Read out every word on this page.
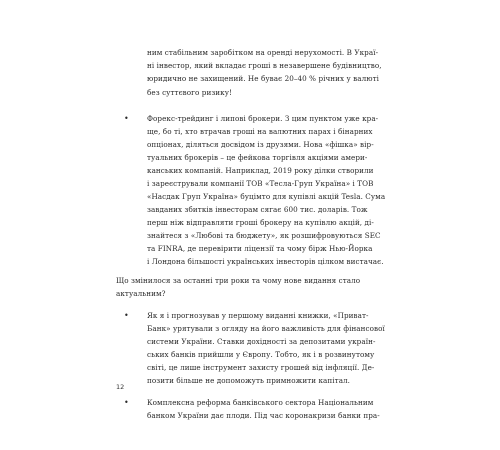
ним стабільним заробітком на оренді нерухомості. В Украї-
ні інвестор, який вкладає гроші в незавершене будівництво,
юридично не захищений. Не буває 20–40 % річних у валюті
без суттєвого ризику!
•	Форекс-трейдинг і липові брокери. З цим пунктом уже кра-
ще, бо ті, хто втрачав гроші на валютних парах і бінарних
опціонах, діляться досвідом із друзями. Нова «фішка» вір-
туальних брокерів – це фейкова торгівля акціями амери-
канських компаній. Наприклад, 2019 року ділки створили
і зареєстрували компанії ТОВ «Тесла-Груп Україна» і ТОВ
«Насдак Груп Україна» буцімто для купівлі акцій Tesla. Сума
завданих збитків інвесторам сягає 600 тис. доларів. Тож
перш ніж відправляти гроші брокеру на купівлю акцій, ді-
знайтеся з «Любові та бюджету», як розшифровуються SEC
та FINRA, де перевірити ліцензії та чому бірж Нью-Йорка
і Лондона більшості українських інвесторів цілком вистачає.
Що змінилося за останні три роки та чому нове видання стало
актуальним?
•	Як я і прогнозував у першому виданні книжки, «Приват-
Банк» урятували з огляду на його важливість для фінансової
системи України. Ставки дохідності за депозитами україн-
ських банків прийшли у Європу. Тобто, як і в розвинутому
світі, це лише інструмент захисту грошей від інфляції. Де-
позити більше не допоможуть примножити капітал.
•	Комплексна реформа банківського сектора Національним
банком України дає плоди. Під час коронакризи банки пра-
12
